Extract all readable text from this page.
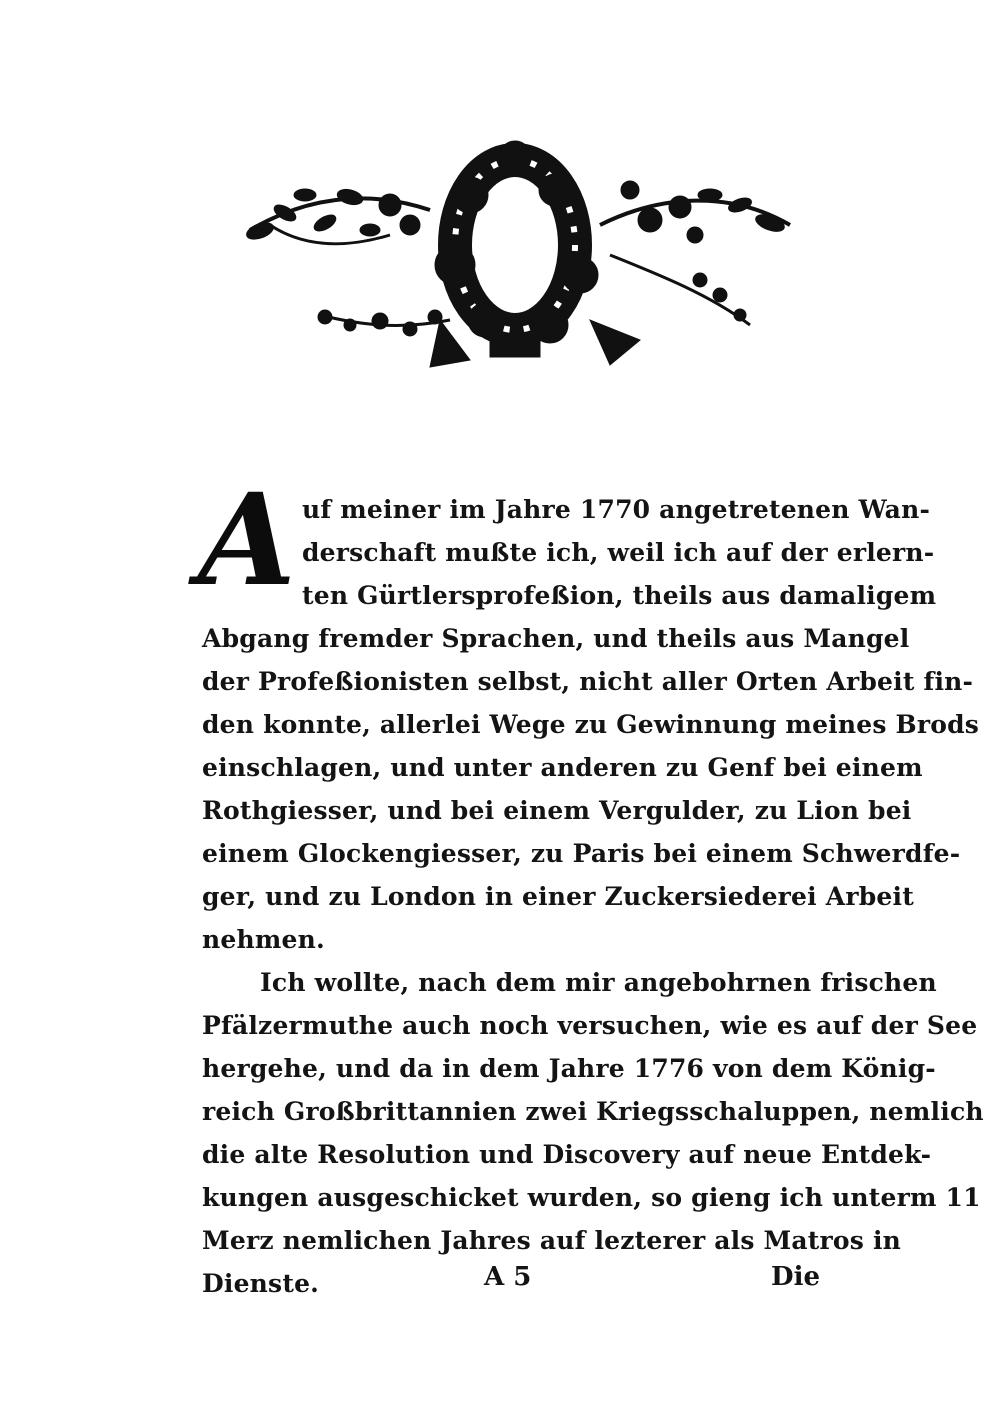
A uf meiner im Jahre 1770 angetretenen Wan-
derschaft mußte ich, weil ich auf der erlern-
ten Gürtlersprofeßion, theils aus damaligem
Abgang fremder Sprachen, und theils aus Mangel
der Profeßionisten selbst, nicht aller Orten Arbeit fin-
den konnte, allerlei Wege zu Gewinnung meines Brods
einschlagen, und unter anderen zu Genf bei einem
Rothgiesser, und bei einem Vergulder, zu Lion bei
einem Glockengiesser, zu Paris bei einem Schwerdfe-
ger, und zu London in einer Zuckersiederei Arbeit
nehmen.
Ich wollte, nach dem mir angebohrnen frischen
Pfälzermuthe auch noch versuchen, wie es auf der See
hergehe, und da in dem Jahre 1776 von dem König-
reich Großbrittannien zwei Kriegsschaluppen, nemlich
die alte Resolution und Discovery auf neue Entdek-
kungen ausgeschicket wurden, so gieng ich unterm 11
Merz nemlichen Jahres auf lezterer als Matros in
Dienste.	A 5	Die
